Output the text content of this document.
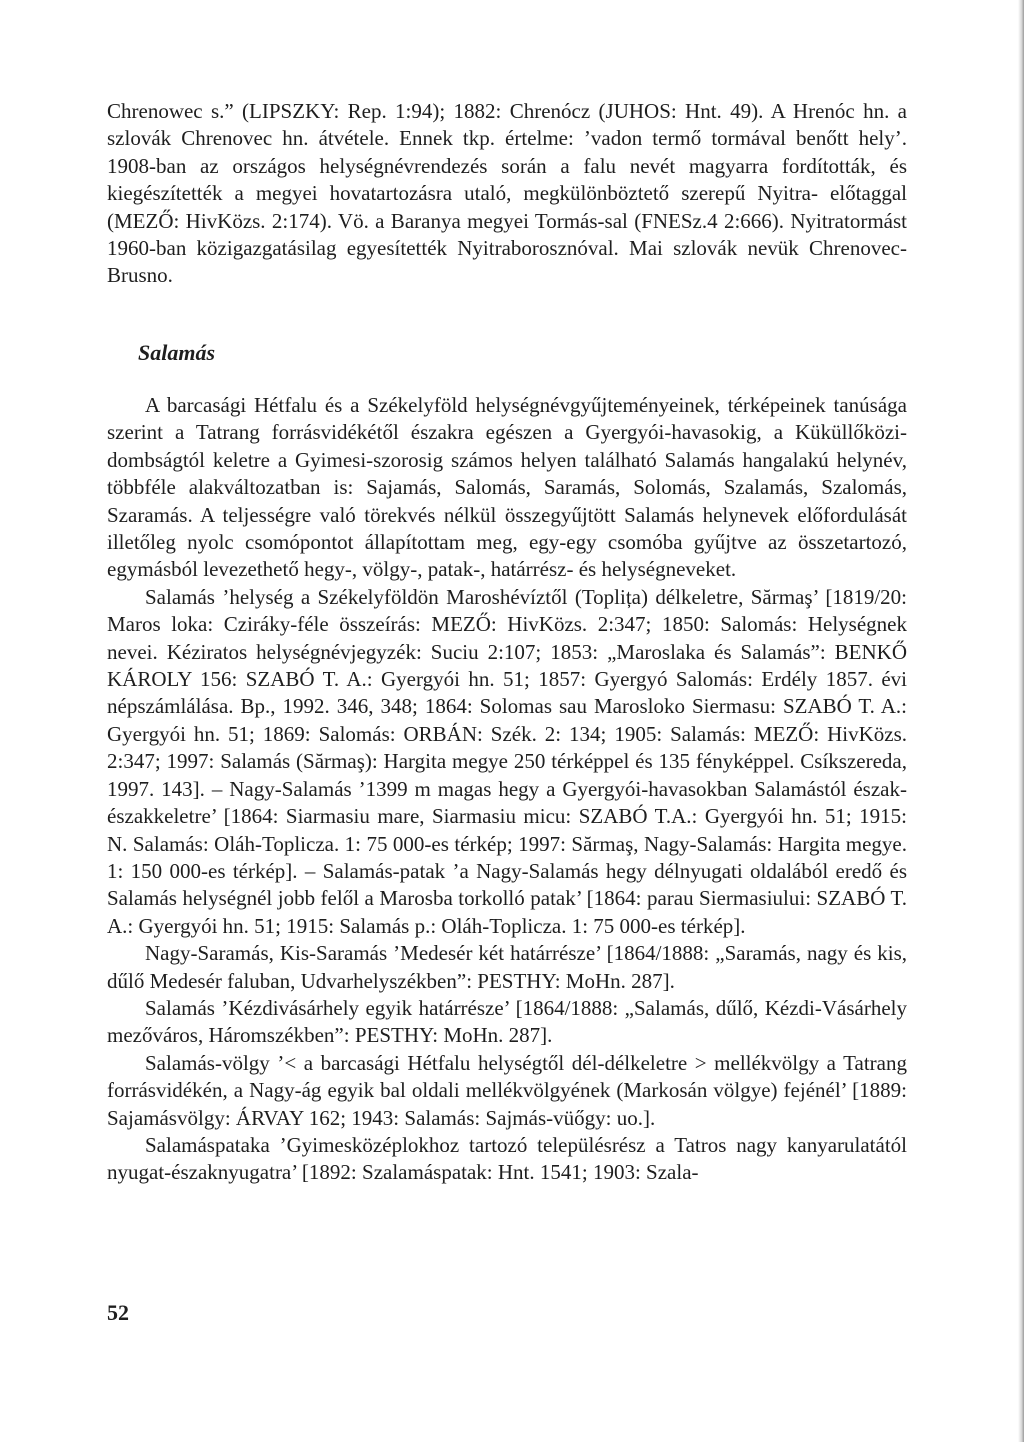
Chrenowec s.” (LIPSZKY: Rep. 1:94); 1882: Chrenócz (JUHOS: Hnt. 49). A Hrenóc hn. a szlovák Chrenovec hn. átvétele. Ennek tkp. értelme: ’vadon termő tormával benőtt hely’. 1908-ban az országos helységnévrendezés során a falu nevét magyarra fordították, és kiegészítették a megyei hovatartozásra utaló, megkülönböztető szerepű Nyitra- előtaggal (MEZŐ: HivKözs. 2:174). Vö. a Baranya megyei Tormás-sal (FNESz.4 2:666). Nyitratormást 1960-ban közigazgatásilag egyesítették Nyitraborosznóval. Mai szlovák nevük Chrenovec-Brusno.

Salamás

A barcasági Hétfalu és a Székelyföld helységnévgyűjteményeinek, térképeinek tanúsága szerint a Tatrang forrásvidékétől északra egészen a Gyergyói-havasokig, a Küküllőközi-dombságtól keletre a Gyimesi-szorosig számos helyen található Salamás hangalakú helynév, többféle alakváltozatban is: Sajamás, Salomás, Saramás, Solomás, Szalamás, Szalomás, Szaramás. A teljességre való törekvés nélkül összegyűjtött Salamás helynevek előfordulását illetőleg nyolc csomópontot állapítottam meg, egy-egy csomóba gyűjtve az összetartozó, egymásból levezethető hegy-, völgy-, patak-, határrész- és helységneveket.

Salamás ’helység a Székelyföldön Maroshévíztől (Toplița) délkeletre, Sărmaş’ [1819/20: Maros loka: Cziráky-féle összeírás: MEZŐ: HivKözs. 2:347; 1850: Salomás: Helységnek nevei. Kéziratos helységnévjegyzék: Suciu 2:107; 1853: „Maroslaka és Salamás”: BENKŐ KÁROLY 156: SZABÓ T. A.: Gyergyói hn. 51; 1857: Gyergyó Salomás: Erdély 1857. évi népszámlálása. Bp., 1992. 346, 348; 1864: Solomas sau Marosloko Siermasu: SZABÓ T. A.: Gyergyói hn. 51; 1869: Salomás: ORBÁN: Szék. 2: 134; 1905: Salamás: MEZŐ: HivKözs. 2:347; 1997: Salamás (Sărmaş): Hargita megye 250 térképpel és 135 fényképpel. Csíkszereda, 1997. 143]. – Nagy-Salamás ’1399 m magas hegy a Gyergyói-havasokban Salamástól észak-északkeletre’ [1864: Siarmasiu mare, Siarmasiu micu: SZABÓ T.A.: Gyergyói hn. 51; 1915: N. Salamás: Oláh-Toplicza. 1: 75 000-es térkép; 1997: Sărmaş, Nagy-Salamás: Hargita megye. 1: 150 000-es térkép]. – Salamás-patak ’a Nagy-Salamás hegy délnyugati oldalából eredő és Salamás helységnél jobb felől a Marosba torkolló patak’ [1864: parau Siermasiului: SZABÓ T. A.: Gyergyói hn. 51; 1915: Salamás p.: Oláh-Toplicza. 1: 75 000-es térkép].

Nagy-Saramás, Kis-Saramás ’Medesér két határrésze’ [1864/1888: „Saramás, nagy és kis, dűlő Medesér faluban, Udvarhelyszékben”: PESTHY: MoHn. 287].

Salamás ’Kézdivásárhely egyik határrésze’ [1864/1888: „Salamás, dűlő, Kézdi-Vásárhely mezőváros, Háromszékben”: PESTHY: MoHn. 287].

Salamás-völgy ’< a barcasági Hétfalu helységtől dél-délkeletre > mellékvölgy a Tatrang forrásvidékén, a Nagy-ág egyik bal oldali mellékvölgyének (Markosán völgye) fejénél’ [1889: Sajamásvölgy: ÁRVAY 162; 1943: Salamás: Sajmás-vüőgy: uo.].

Salamáspataka ’Gyimesközéplokhoz tartozó településrész a Tatros nagy kanyarulatától nyugat-északnyugatra’ [1892: Szalamáspatak: Hnt. 1541; 1903: Szala-

52
